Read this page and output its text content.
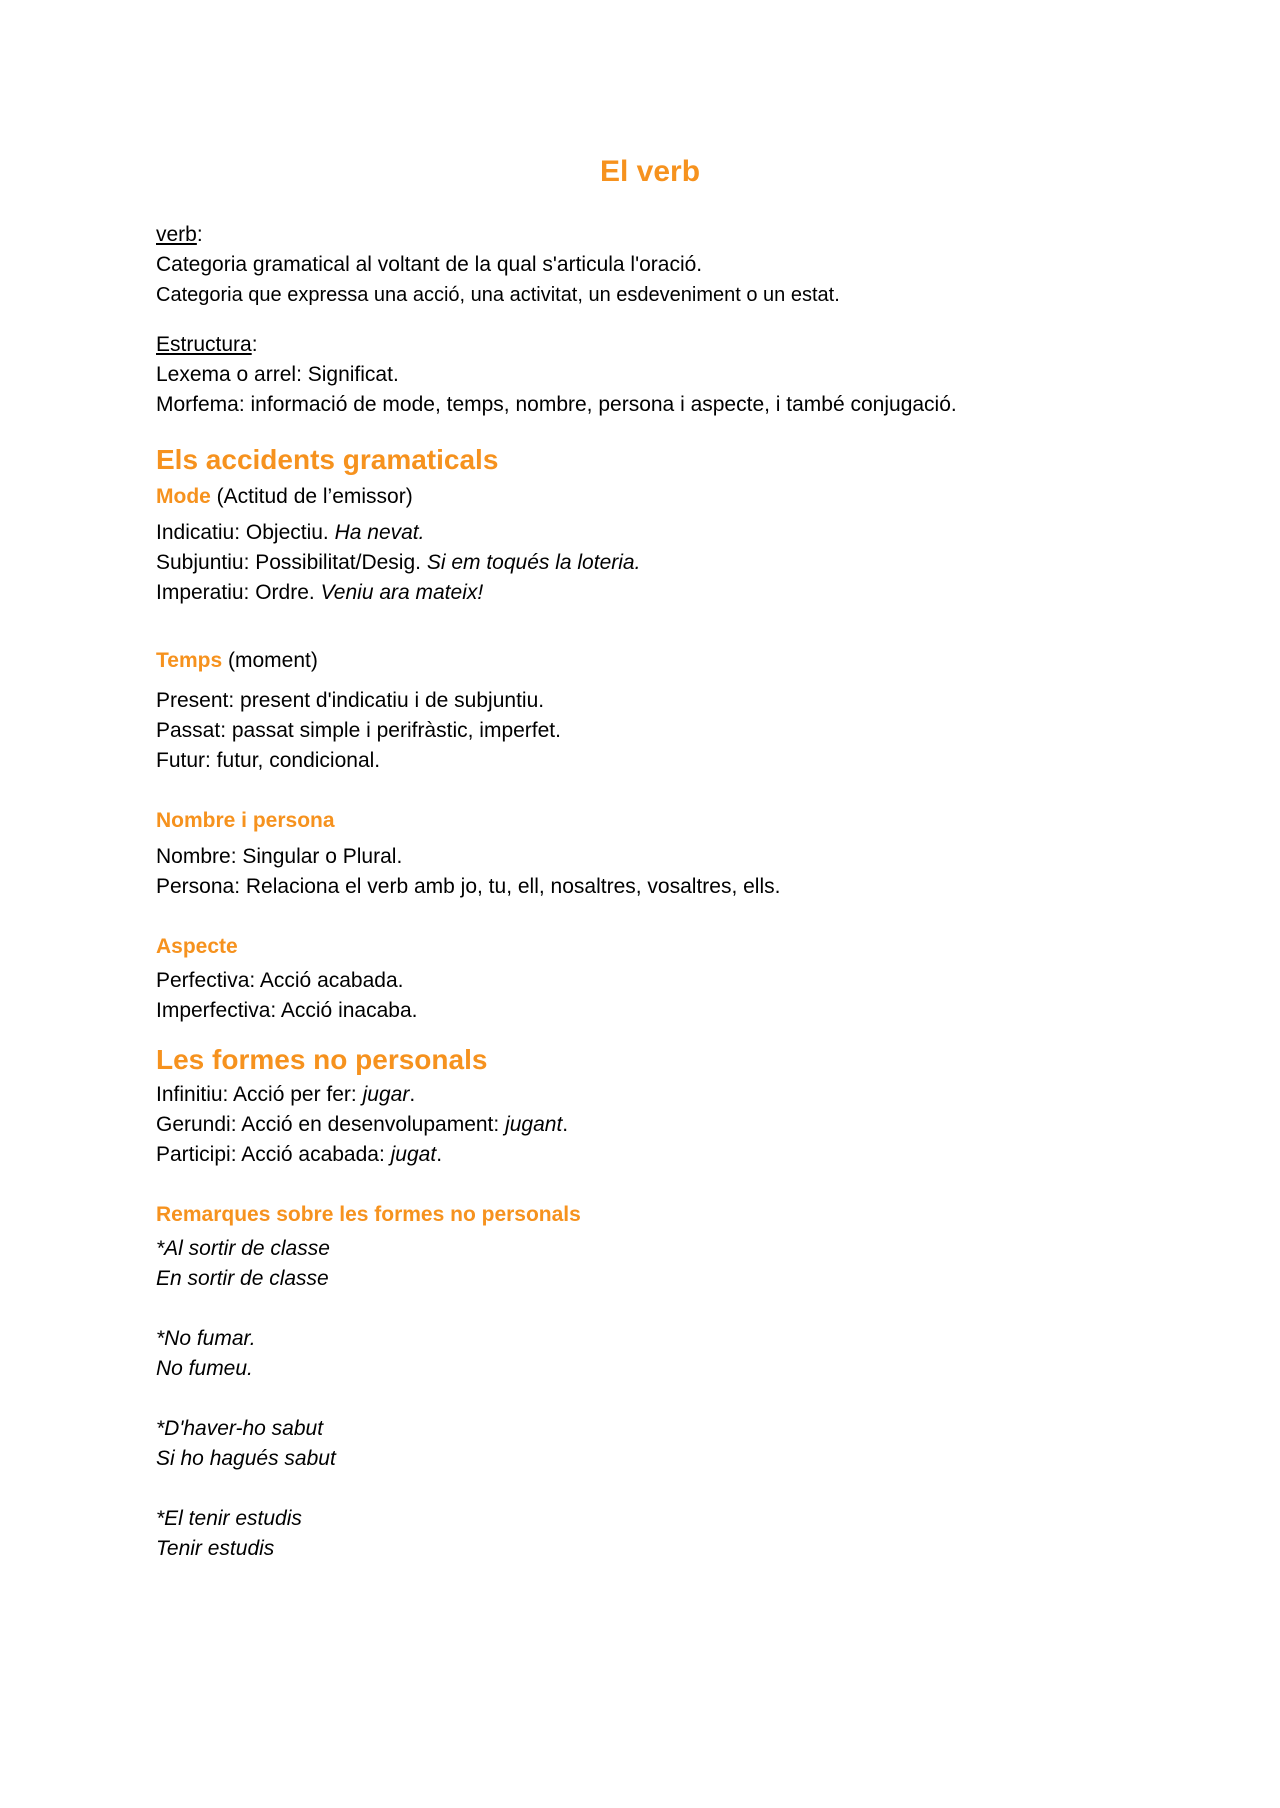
El verb

verb:

Categoria gramatical al voltant de la qual s'articula l'oració.

Categoria que expressa una acció, una activitat, un esdeveniment o un estat.

Estructura:

Lexema o arrel: Significat.

Morfema: informació de mode, temps, nombre, persona i aspecte, i també conjugació.

Els accidents gramaticals

Mode (Actitud de l’emissor)

Indicatiu: Objectiu. Ha nevat.

Subjuntiu: Possibilitat/Desig. Si em toqués la loteria.

Imperatiu: Ordre. Veniu ara mateix!

Temps (moment)

Present: present d'indicatiu i de subjuntiu.

Passat: passat simple i perifràstic, imperfet.

Futur: futur, condicional.

Nombre i persona

Nombre: Singular o Plural.

Persona: Relaciona el verb amb jo, tu, ell, nosaltres, vosaltres, ells.

Aspecte

Perfectiva: Acció acabada.

Imperfectiva: Acció inacaba.

Les formes no personals

Infinitiu: Acció per fer: jugar.

Gerundi: Acció en desenvolupament: jugant.

Participi: Acció acabada: jugat.

Remarques sobre les formes no personals

*Al sortir de classe

En sortir de classe

*No fumar.

No fumeu.

*D'haver-ho sabut

Si ho hagués sabut

*El tenir estudis

Tenir estudis
